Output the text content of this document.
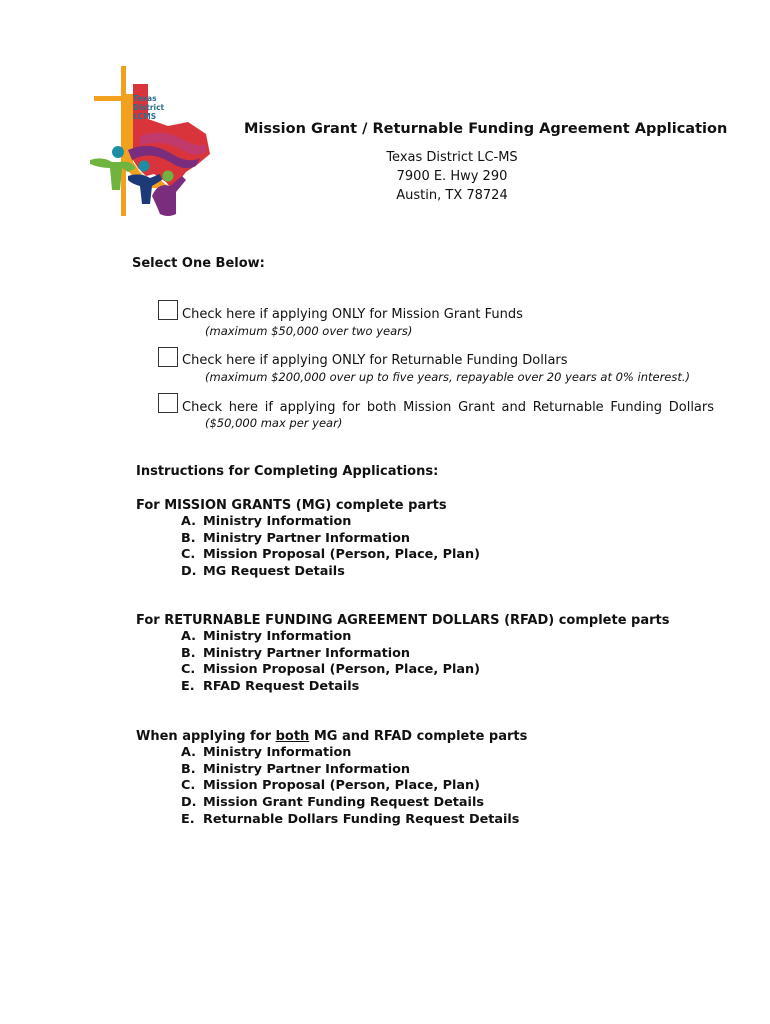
Texas
District
LCMS
Mission Grant / Returnable Funding Agreement Application
Texas District LC-MS
7900 E. Hwy 290
Austin, TX 78724
Select One Below:
Check here if applying ONLY for Mission Grant Funds
(maximum $50,000 over two years)
Check here if applying ONLY for Returnable Funding Dollars
(maximum $200,000 over up to five years, repayable over 20 years at 0% interest.)
Check here if applying for both Mission Grant and Returnable Funding Dollars
($50,000 max per year)
Instructions for Completing Applications:
For MISSION GRANTS (MG) complete parts
A. Ministry Information
B. Ministry Partner Information
C. Mission Proposal (Person, Place, Plan)
D. MG Request Details
For RETURNABLE FUNDING AGREEMENT DOLLARS (RFAD) complete parts
A. Ministry Information
B. Ministry Partner Information
C. Mission Proposal (Person, Place, Plan)
E. RFAD Request Details
When applying for both MG and RFAD complete parts
A. Ministry Information
B. Ministry Partner Information
C. Mission Proposal (Person, Place, Plan)
D. Mission Grant Funding Request Details
E. Returnable Dollars Funding Request Details
